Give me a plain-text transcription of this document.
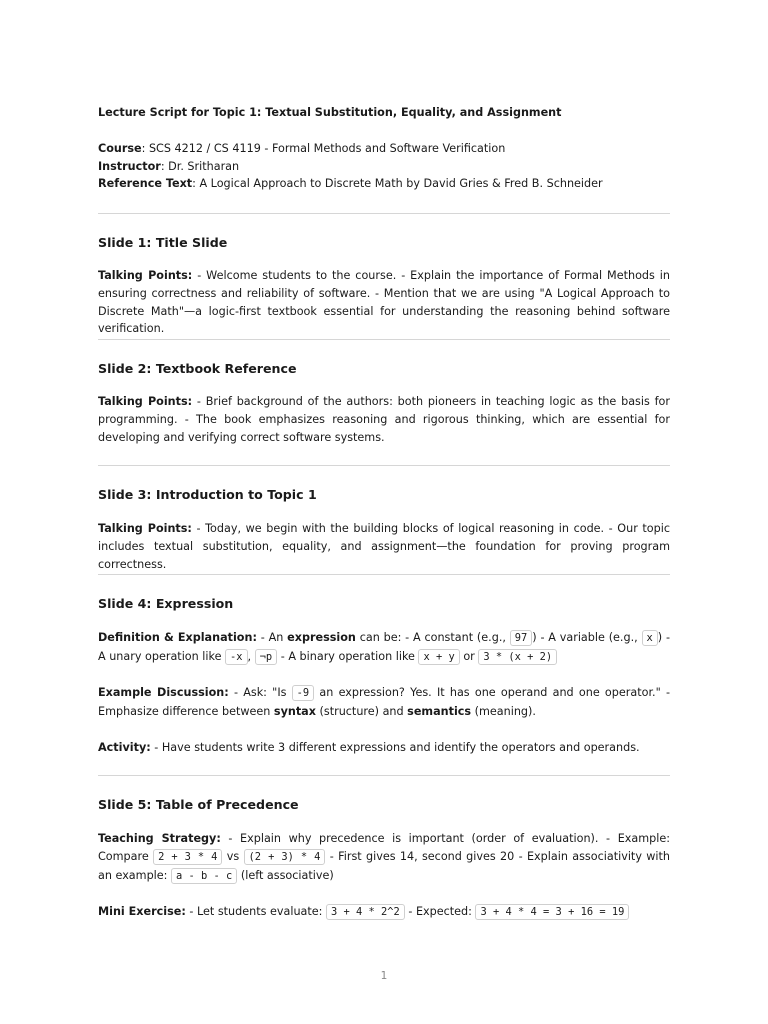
Lecture Script for Topic 1: Textual Substitution, Equality, and Assignment
Course: SCS 4212 / CS 4119 - Formal Methods and Software Verification
Instructor: Dr. Sritharan
Reference Text: A Logical Approach to Discrete Math by David Gries & Fred B. Schneider
Slide 1: Title Slide
Talking Points: - Welcome students to the course. - Explain the importance of Formal Methods in ensuring correctness and reliability of software. - Mention that we are using "A Logical Approach to Discrete Math"—a logic-first textbook essential for understanding the reasoning behind software verification.
Slide 2: Textbook Reference
Talking Points: - Brief background of the authors: both pioneers in teaching logic as the basis for programming. - The book emphasizes reasoning and rigorous thinking, which are essential for developing and verifying correct software systems.
Slide 3: Introduction to Topic 1
Talking Points: - Today, we begin with the building blocks of logical reasoning in code. - Our topic includes textual substitution, equality, and assignment—the foundation for proving program correctness.
Slide 4: Expression
Definition & Explanation: - An expression can be: - A constant (e.g., 97 ) - A variable (e.g., x ) - A unary operation like -x , ¬p - A binary operation like x + y or 3 * (x + 2)
Example Discussion: - Ask: "Is -9 an expression? Yes. It has one operand and one operator." - Emphasize difference between syntax (structure) and semantics (meaning).
Activity: - Have students write 3 different expressions and identify the operators and operands.
Slide 5: Table of Precedence
Teaching Strategy: - Explain why precedence is important (order of evaluation). - Example: Compare 2 + 3 * 4 vs (2 + 3) * 4 - First gives 14, second gives 20 - Explain associativity with an example: a - b - c (left associative)
Mini Exercise: - Let students evaluate: 3 + 4 * 2^2 - Expected: 3 + 4 * 4 = 3 + 16 = 19
1
